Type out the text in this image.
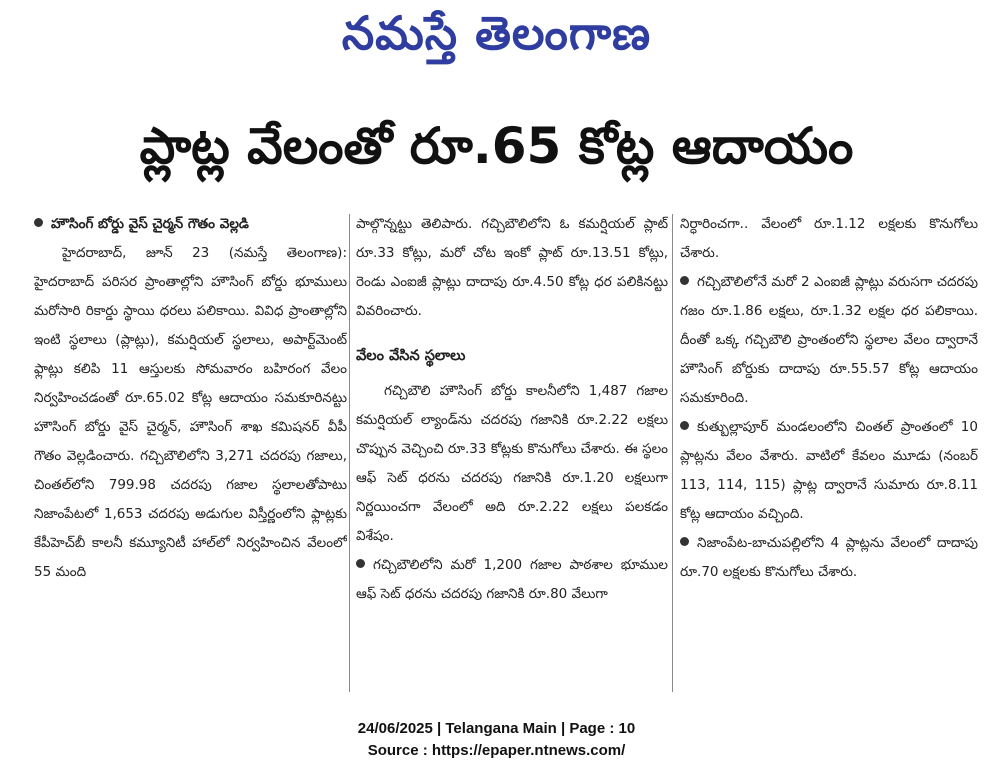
నమస్తే తెలంగాణ
ప్లాట్ల వేలంతో రూ.65 కోట్ల ఆదాయం

హౌసింగ్ బోర్డు వైస్ చైర్మన్ గౌతం వెల్లడి

హైదరాబాద్, జూన్ 23 (నమస్తే తెలంగాణ): హైదరాబాద్ పరిసర ప్రాంతాల్లోని హౌసింగ్ బోర్డు భూములు మరోసారి రికార్డు స్థాయి ధరలు పలికాయి. వివిధ ప్రాంతాల్లోని ఇంటి స్థలాలు (ప్లాట్లు), కమర్షియల్ స్థలాలు, అపార్ట్‌మెంట్ ఫ్లాట్లు కలిపి 11 ఆస్తులకు సోమవారం బహిరంగ వేలం నిర్వహించడంతో రూ.65.02 కోట్ల ఆదాయం సమకూరినట్టు హౌసింగ్ బోర్డు వైస్ చైర్మన్, హౌసింగ్ శాఖ కమిషనర్ వీపీ గౌతం వెల్లడించారు. గచ్చిబౌలిలోని 3,271 చదరపు గజాలు, చింతల్‌లోని 799.98 చదరపు గజాల స్థలాలతోపాటు నిజాంపేటలో 1,653 చదరపు అడుగుల విస్తీర్ణంలోని ఫ్లాట్లకు కేపీహెచ్‌బీ కాలనీ కమ్యూనిటీ హాల్‌లో నిర్వహించిన వేలంలో 55 మంది

పాల్గొన్నట్టు తెలిపారు. గచ్చిబౌలిలోని ఓ కమర్షియల్ ప్లాట్ రూ.33 కోట్లు, మరో చోట ఇంకో ప్లాట్ రూ.13.51 కోట్లు, రెండు ఎంఐజీ ప్లాట్లు దాదాపు రూ.4.50 కోట్ల ధర పలికినట్టు వివరించారు.

వేలం వేసిన స్థలాలు

గచ్చిబౌలి హౌసింగ్ బోర్డు కాలనీలోని 1,487 గజాల కమర్షియల్ ల్యాండ్‌ను చదరపు గజానికి రూ.2.22 లక్షలు చొప్పున వెచ్చించి రూ.33 కోట్లకు కొనుగోలు చేశారు. ఈ స్థలం ఆఫ్ సెట్ ధరను చదరపు గజానికి రూ.1.20 లక్షలుగా నిర్ణయించగా వేలంలో అది రూ.2.22 లక్షలు పలకడం విశేషం.

గచ్చిబౌలిలోని మరో 1,200 గజాల పాఠశాల భూముల ఆఫ్ సెట్ ధరను చదరపు గజానికి రూ.80 వేలుగా

నిర్ధారించగా.. వేలంలో రూ.1.12 లక్షలకు కొనుగోలు చేశారు.

గచ్చిబౌలిలోనే మరో 2 ఎంఐజీ ప్లాట్లు వరుసగా చదరపు గజం రూ.1.86 లక్షలు, రూ.1.32 లక్షల ధర పలికాయి. దీంతో ఒక్క గచ్చిబౌలి ప్రాంతంలోని స్థలాల వేలం ద్వారానే హౌసింగ్ బోర్డుకు దాదాపు రూ.55.57 కోట్ల ఆదాయం సమకూరింది.

కుత్బుల్లాపూర్ మండలంలోని చింతల్ ప్రాంతంలో 10 ప్లాట్లను వేలం వేశారు. వాటిలో కేవలం మూడు (నంబర్ 113, 114, 115) ప్లాట్ల ద్వారానే సుమారు రూ.8.11 కోట్ల ఆదాయం వచ్చింది.

నిజాంపేట-బాచుపల్లిలోని 4 ప్లాట్లను వేలంలో దాదాపు రూ.70 లక్షలకు కొనుగోలు చేశారు.

24/06/2025 | Telangana Main | Page : 10
Source : https://epaper.ntnews.com/
